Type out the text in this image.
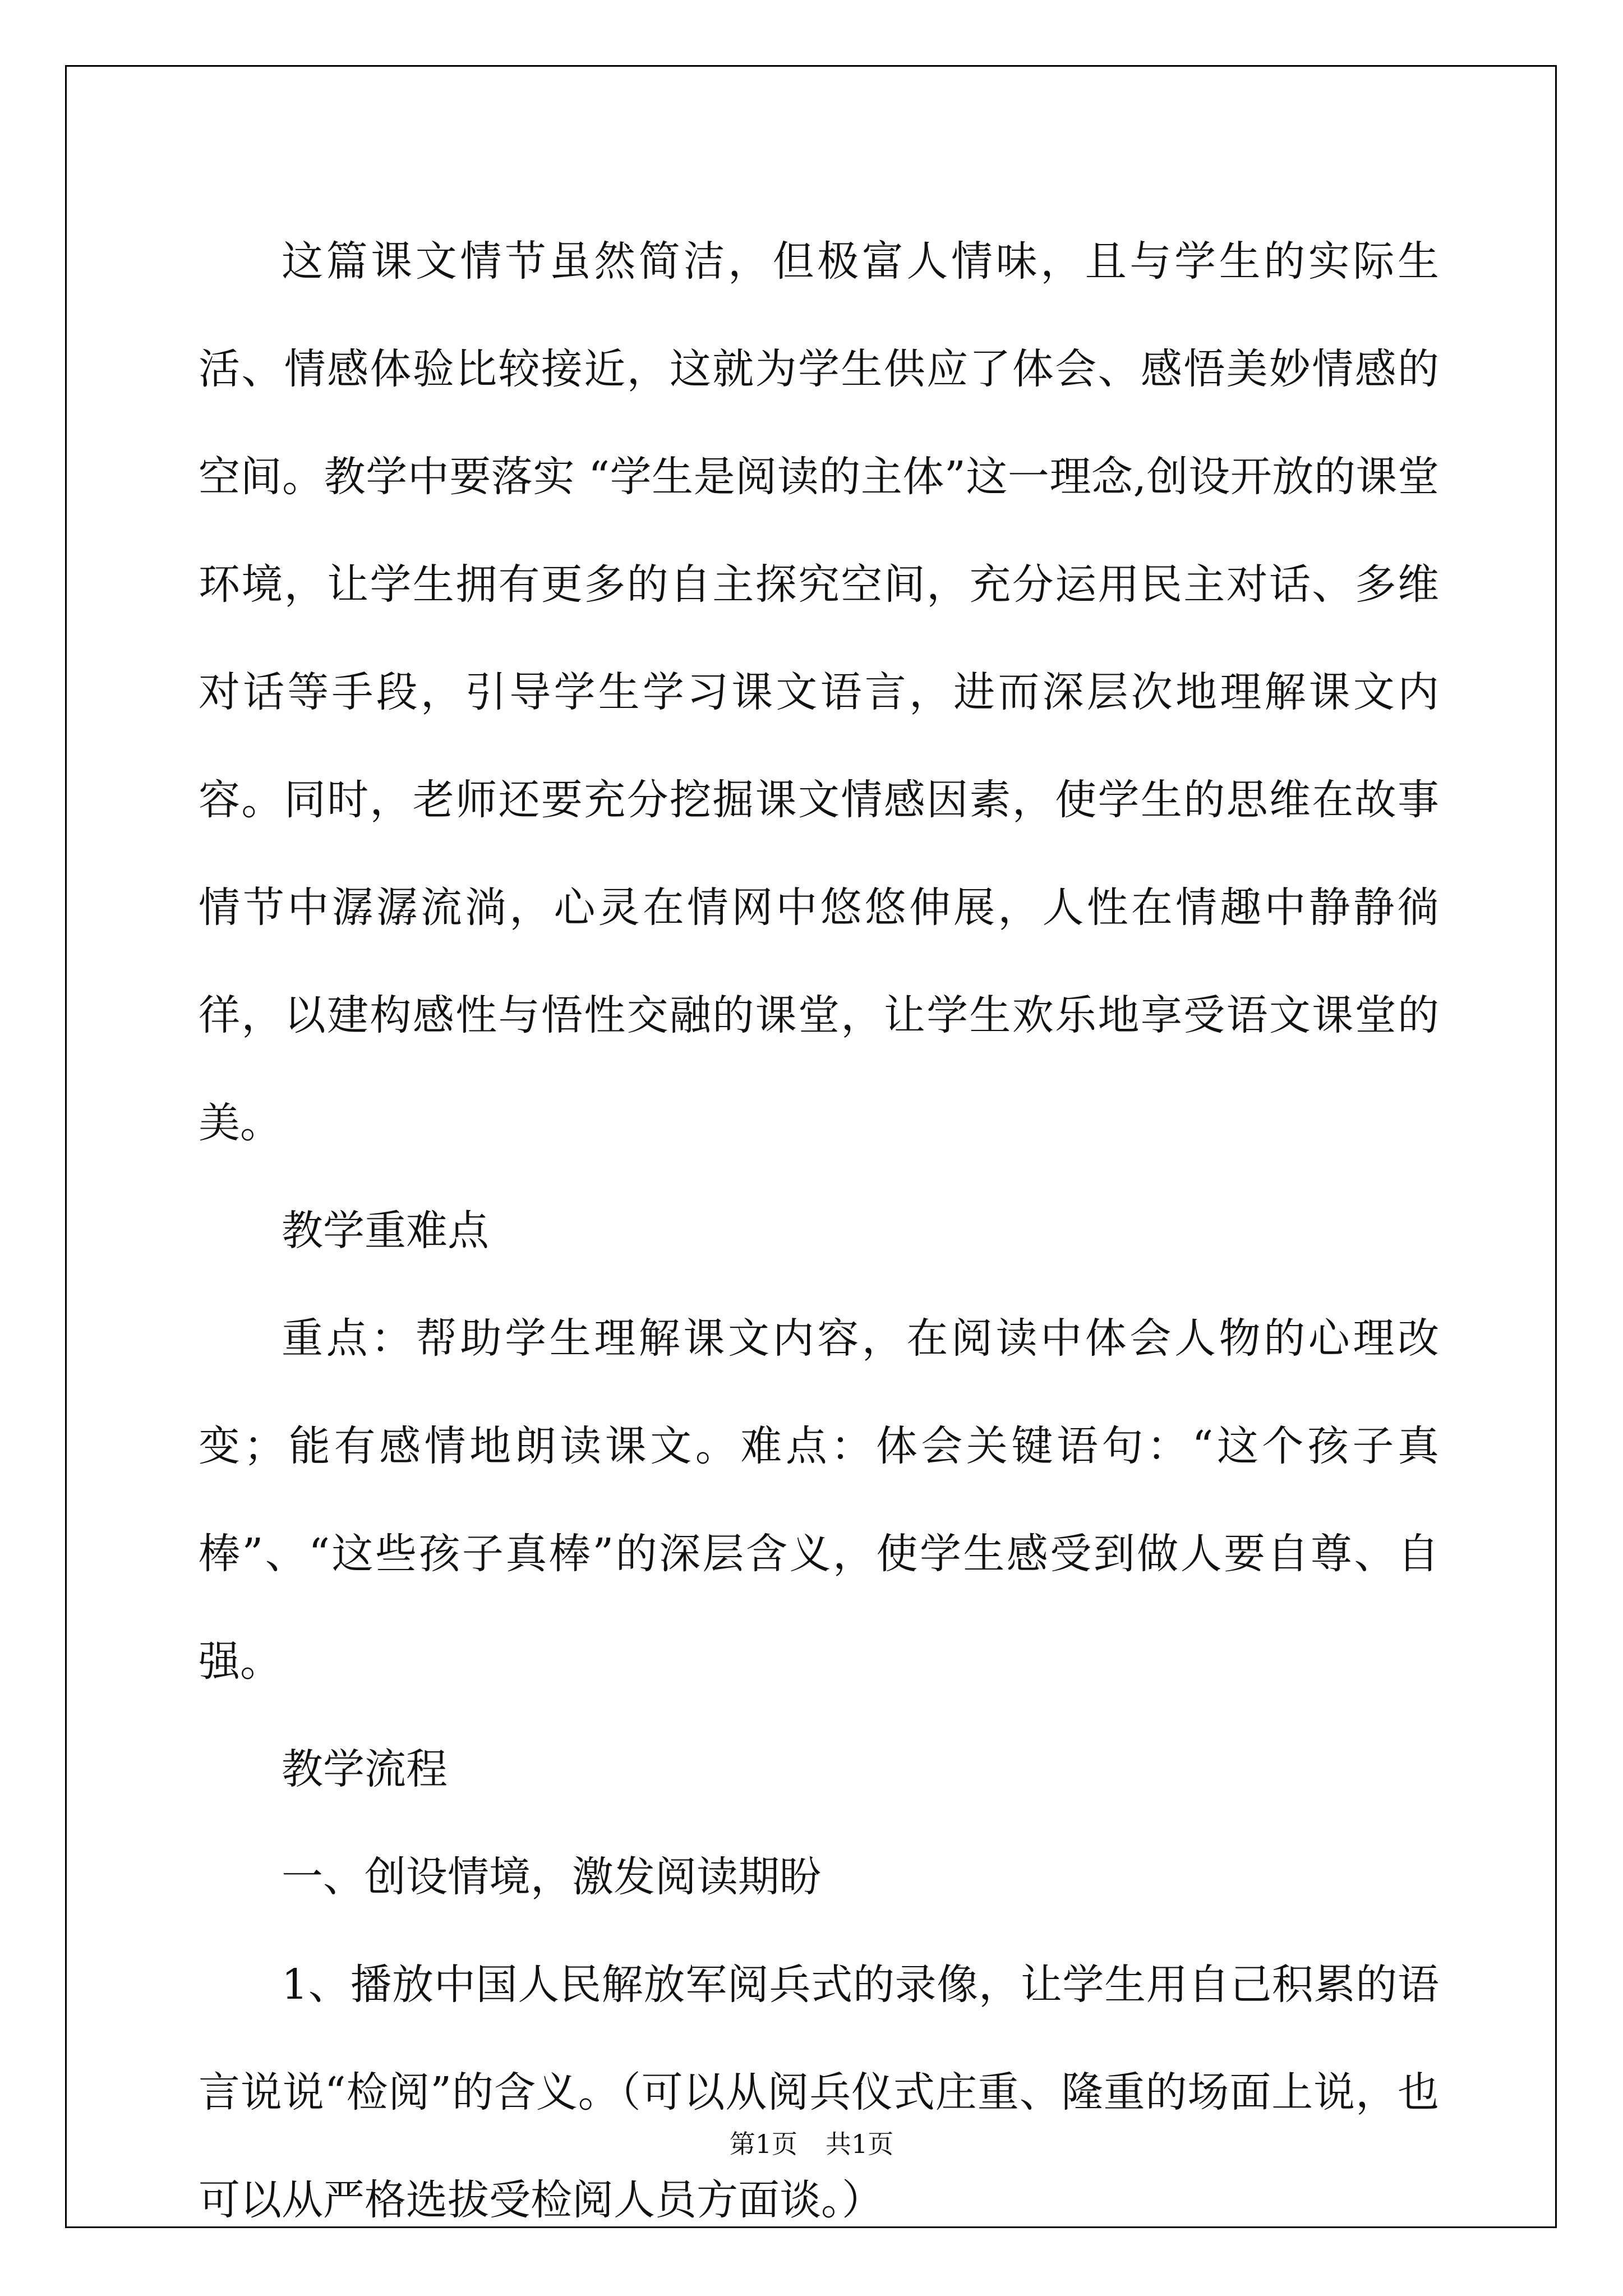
这篇课文情节虽然简洁，但极富人情味，且与学生的实际生活、情感体验比较接近，这就为学生供应了体会、感悟美妙情感的空间。教学中要落实 “学生是阅读的主体”这一理念,创设开放的课堂环境，让学生拥有更多的自主探究空间，充分运用民主对话、多维对话等手段，引导学生学习课文语言，进而深层次地理解课文内容。同时，老师还要充分挖掘课文情感因素，使学生的思维在故事情节中潺潺流淌，心灵在情网中悠悠伸展，人性在情趣中静静徜徉，以建构感性与悟性交融的课堂，让学生欢乐地享受语文课堂的美。

教学重难点

重点：帮助学生理解课文内容，在阅读中体会人物的心理改变；能有感情地朗读课文。难点：体会关键语句：“这个孩子真棒”、“这些孩子真棒”的深层含义，使学生感受到做人要自尊、自强。

教学流程

一、创设情境，激发阅读期盼

1、播放中国人民解放军阅兵式的录像，让学生用自己积累的语言说说“检阅”的含义。（可以从阅兵仪式庄重、隆重的场面上说，也可以从严格选拔受检阅人员方面谈。）

第1页 共1页
